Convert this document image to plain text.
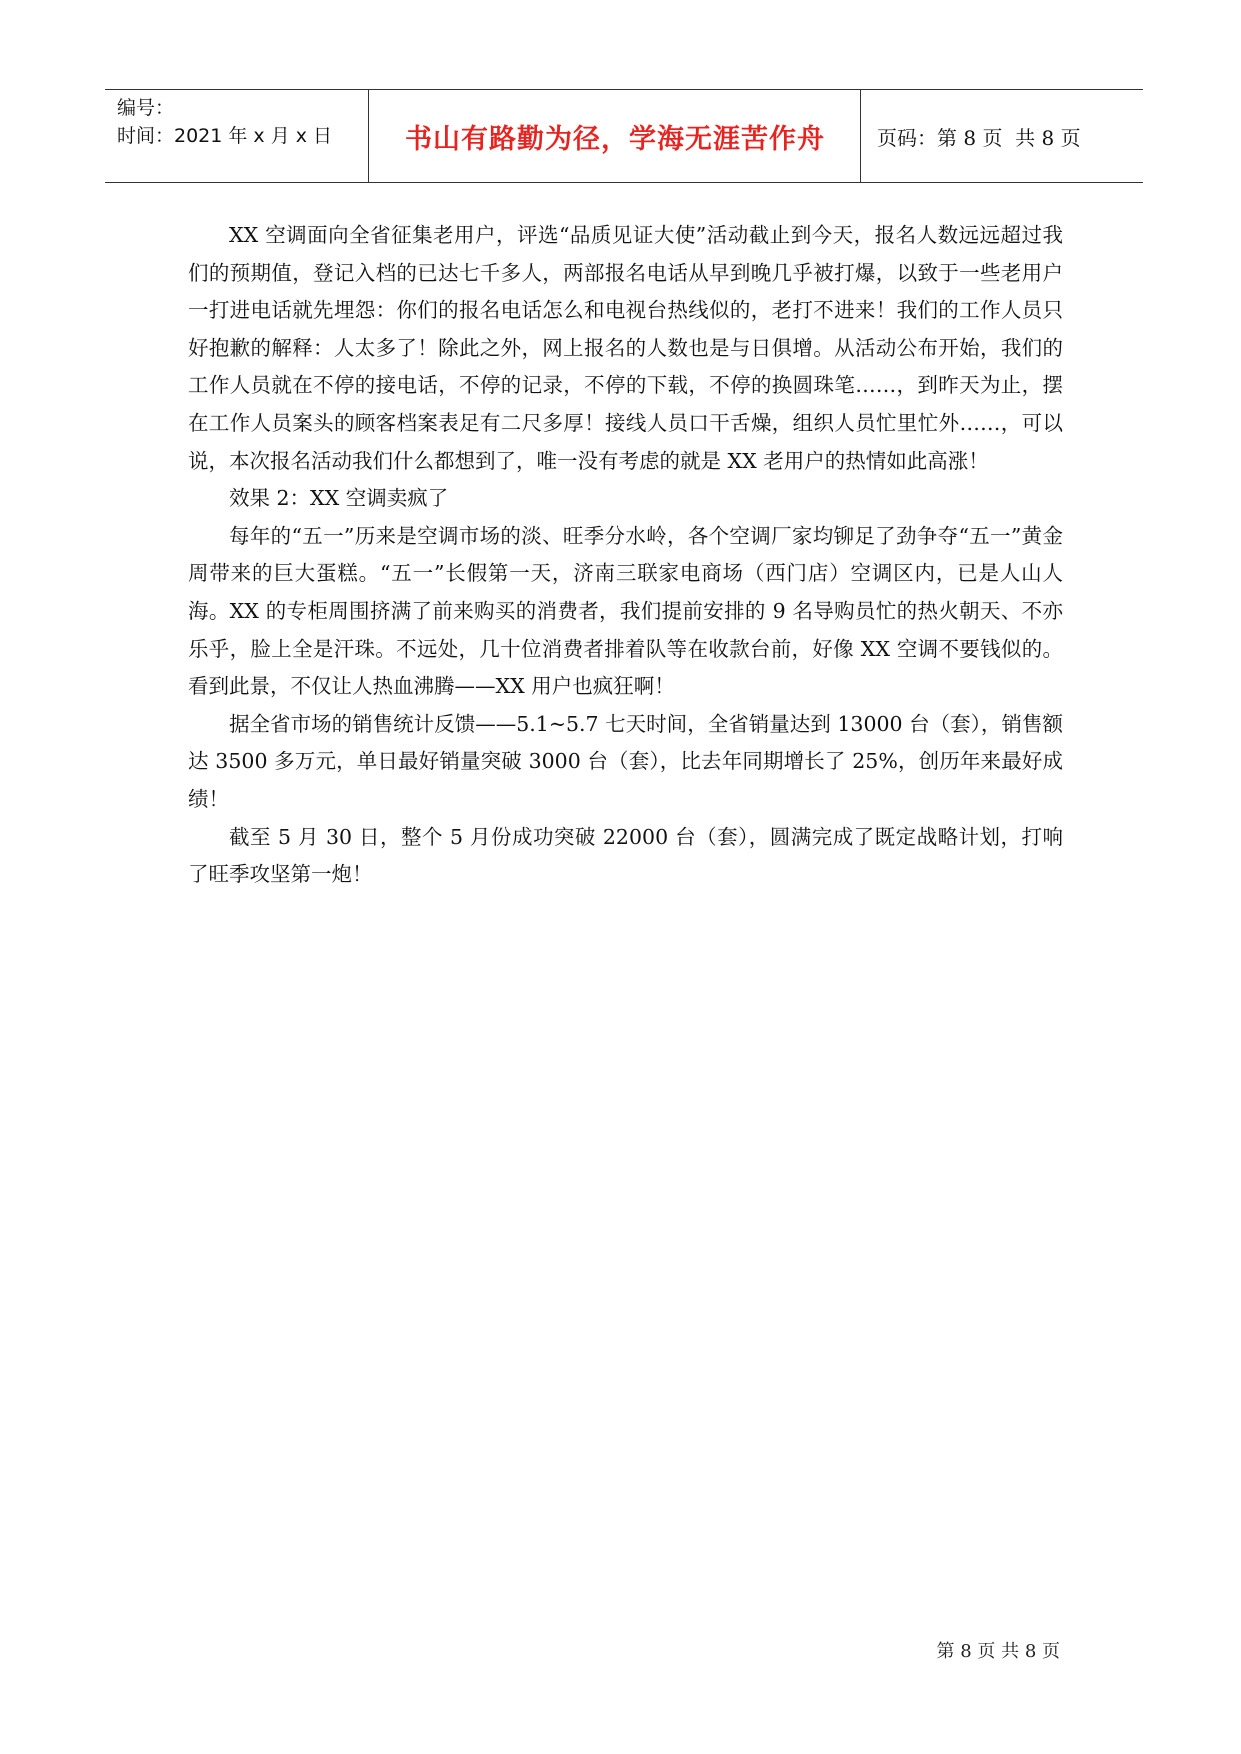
编号：
时间：2021 年 x 月 x 日	书山有路勤为径，学海无涯苦作舟	页码：第 8 页  共 8 页

XX 空调面向全省征集老用户，评选“品质见证大使”活动截止到今天，报名人数远远超过我们的预期值，登记入档的已达七千多人，两部报名电话从早到晚几乎被打爆，以致于一些老用户一打进电话就先埋怨：你们的报名电话怎么和电视台热线似的，老打不进来！我们的工作人员只好抱歉的解释：人太多了！除此之外，网上报名的人数也是与日俱增。从活动公布开始，我们的工作人员就在不停的接电话，不停的记录，不停的下载，不停的换圆珠笔……，到昨天为止，摆在工作人员案头的顾客档案表足有二尺多厚！接线人员口干舌燥，组织人员忙里忙外……，可以说，本次报名活动我们什么都想到了，唯一没有考虑的就是 XX 老用户的热情如此高涨！

效果 2：XX 空调卖疯了

每年的“五一”历来是空调市场的淡、旺季分水岭，各个空调厂家均铆足了劲争夺“五一”黄金周带来的巨大蛋糕。“五一”长假第一天，济南三联家电商场（西门店）空调区内，已是人山人海。XX 的专柜周围挤满了前来购买的消费者，我们提前安排的 9 名导购员忙的热火朝天、不亦乐乎，脸上全是汗珠。不远处，几十位消费者排着队等在收款台前，好像 XX 空调不要钱似的。看到此景，不仅让人热血沸腾——XX 用户也疯狂啊！

据全省市场的销售统计反馈——5.1~5.7 七天时间，全省销量达到 13000 台（套），销售额达 3500 多万元，单日最好销量突破 3000 台（套），比去年同期增长了 25%，创历年来最好成绩！

截至 5 月 30 日，整个 5 月份成功突破 22000 台（套），圆满完成了既定战略计划，打响了旺季攻坚第一炮！

第 8 页 共 8 页
